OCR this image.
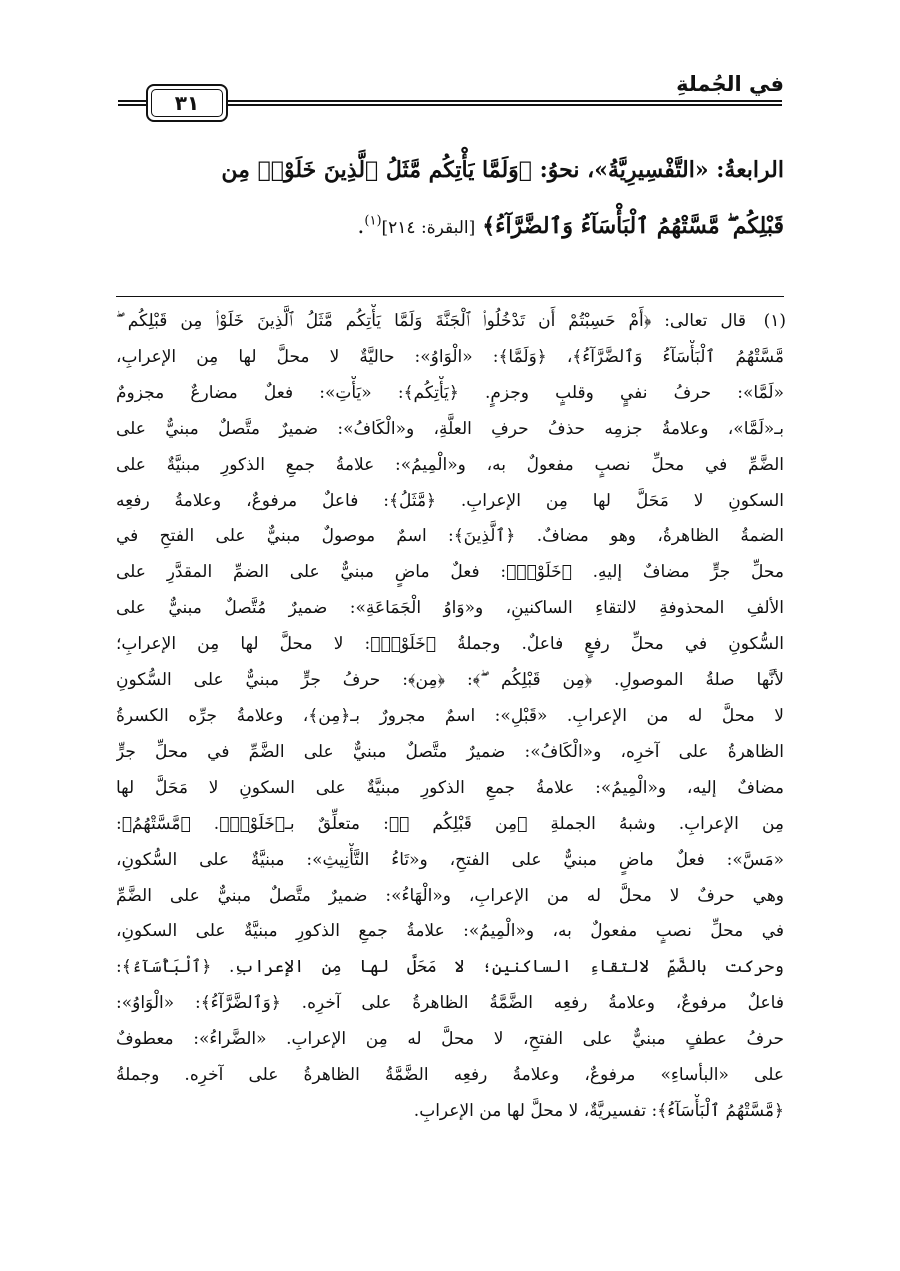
في الجُملةِ
٣١
الرابعةُ: «التَّفْسِيرِيَّةُ»، نحوُ: ﴿وَلَمَّا يَأْتِكُم مَّثَلُ ٱلَّذِينَ خَلَوْا۟ مِن
قَبْلِكُم ۖ مَّسَّتْهُمُ ٱلْبَأْسَآءُ وَٱلضَّرَّآءُ﴾ [البقرة: ٢١٤]$^{(١)}$.
(١)
قال تعالى: ﴿أَمْ حَسِبْتُمْ أَن تَدْخُلُوا۟ ٱلْجَنَّةَ وَلَمَّا يَأْتِكُم مَّثَلُ ٱلَّذِينَ خَلَوْا۟ مِن قَبْلِكُم ۖ
مَّسَّتْهُمُ ٱلْبَأْسَآءُ وَٱلضَّرَّآءُ﴾، ﴿وَلَمَّا﴾: «الْوَاوُ»: حاليَّةٌ لا محلَّ لها مِن الإعرابِ،
«لَمَّا»: حرفُ نفيٍ وقلبٍ وجزمٍ. ﴿يَأْتِكُم﴾: «يَأْتِ»: فعلٌ مضارعٌ مجزومٌ
بـ«لَمَّا»، وعلامةُ جزمِه حذفُ حرفِ العلَّةِ، و«الْكَافُ»: ضميرٌ متَّصلٌ مبنيٌّ على
الضَّمِّ في محلِّ نصبٍ مفعولٌ به، و«الْمِيمُ»: علامةُ جمعِ الذكورِ مبنيَّةٌ على
السكونِ لا مَحَلَّ لها مِن الإعرابِ. ﴿مَّثَلُ﴾: فاعلٌ مرفوعٌ، وعلامةُ رفعِه
الضمةُ الظاهرةُ، وهو مضافٌ. ﴿ٱلَّذِينَ﴾: اسمٌ موصولٌ مبنيٌّ على الفتحِ في
محلِّ جرٍّ مضافٌ إليهِ. ﴿خَلَوْا۟﴾: فعلٌ ماضٍ مبنيٌّ على الضمِّ المقدَّرِ على
الألفِ المحذوفةِ لالتقاءِ الساكنينِ، و«وَاوُ الْجَمَاعَةِ»: ضميرٌ مُتَّصلٌ مبنيٌّ على
السُّكونِ في محلِّ رفعٍ فاعلٌ. وجملةُ ﴿خَلَوْا۟﴾: لا محلَّ لها مِن الإعرابِ؛
لأنَّها صلةُ الموصولِ. ﴿مِن قَبْلِكُم ۖ﴾: ﴿مِن﴾: حرفُ جرٍّ مبنيٌّ على السُّكونِ
لا محلَّ له من الإعرابِ. «قَبْلِ»: اسمٌ مجرورٌ بـ﴿مِن﴾، وعلامةُ جرِّه الكسرةُ
الظاهرةُ على آخرِه، و«الْكَافُ»: ضميرٌ متَّصلٌ مبنيٌّ على الضَّمِّ في محلِّ جرٍّ
مضافٌ إليه، و«الْمِيمُ»: علامةُ جمعِ الذكورِ مبنيَّةٌ على السكونِ لا مَحَلَّ لها
مِن الإعرابِ. وشبهُ الجملةِ ﴿مِن قَبْلِكُم ۖ﴾: متعلِّقٌ بـ﴿خَلَوْا۟﴾. ﴿مَّسَّتْهُمُ﴾:
«مَسَّ»: فعلٌ ماضٍ مبنيٌّ على الفتحِ، و«تَاءُ التَّأْنِيثِ»: مبنيَّةٌ على السُّكونِ،
وهي حرفٌ لا محلَّ له من الإعرابِ، و«الْهَاءُ»: ضميرٌ متَّصلٌ مبنيٌّ على الضَّمِّ
في محلِّ نصبٍ مفعولٌ به، و«الْمِيمُ»: علامةُ جمعِ الذكورِ مبنيَّةٌ على السكونِ،
وحركت بالضَّمِّ لالتقاءِ الساكنينِ؛ لا مَحَلَّ لها مِن الإعرابِ. ﴿ٱلْبَأْسَآءُ﴾:
فاعلٌ مرفوعٌ، وعلامةُ رفعِه الضَّمَّةُ الظاهرةُ على آخرِه. ﴿وَٱلضَّرَّآءُ﴾: «الْوَاوُ»:
حرفُ عطفٍ مبنيٌّ على الفتحِ، لا محلَّ له مِن الإعرابِ. «الضَّراءُ»: معطوفٌ
على «البأساءِ» مرفوعٌ، وعلامةُ رفعِه الضَّمَّةُ الظاهرةُ على آخرِه. وجملةُ
﴿مَّسَّتْهُمُ ٱلْبَأْسَآءُ﴾: تفسيريَّةٌ، لا محلَّ لها من الإعرابِ.
